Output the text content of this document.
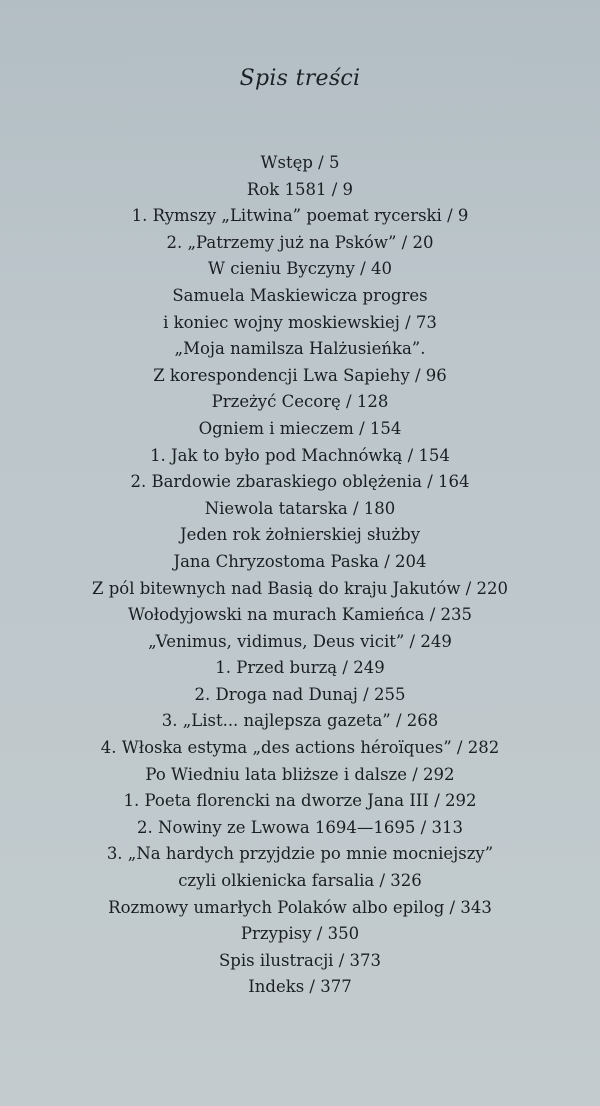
Spis treści
Wstęp / 5
Rok 1581 / 9
1. Rymszy „Litwina” poemat rycerski / 9
2. „Patrzemy już na Psków” / 20
W cieniu Byczyny / 40
Samuela Maskiewicza progres
i koniec wojny moskiewskiej / 73
„Moja namilsza Halżusieńka”.
Z korespondencji Lwa Sapiehy / 96
Przeżyć Cecorę / 128
Ogniem i mieczem / 154
1. Jak to było pod Machnówką / 154
2. Bardowie zbaraskiego oblężenia / 164
Niewola tatarska / 180
Jeden rok żołnierskiej służby
Jana Chryzostoma Paska / 204
Z pól bitewnych nad Basią do kraju Jakutów / 220
Wołodyjowski na murach Kamieńca / 235
„Venimus, vidimus, Deus vicit” / 249
1. Przed burzą / 249
2. Droga nad Dunaj / 255
3. „List... najlepsza gazeta” / 268
4. Włoska estyma „des actions héroïques” / 282
Po Wiedniu lata bliższe i dalsze / 292
1. Poeta florencki na dworze Jana III / 292
2. Nowiny ze Lwowa 1694—1695 / 313
3. „Na hardych przyjdzie po mnie mocniejszy”
czyli olkienicka farsalia / 326
Rozmowy umarłych Polaków albo epilog / 343
Przypisy / 350
Spis ilustracji / 373
Indeks / 377
